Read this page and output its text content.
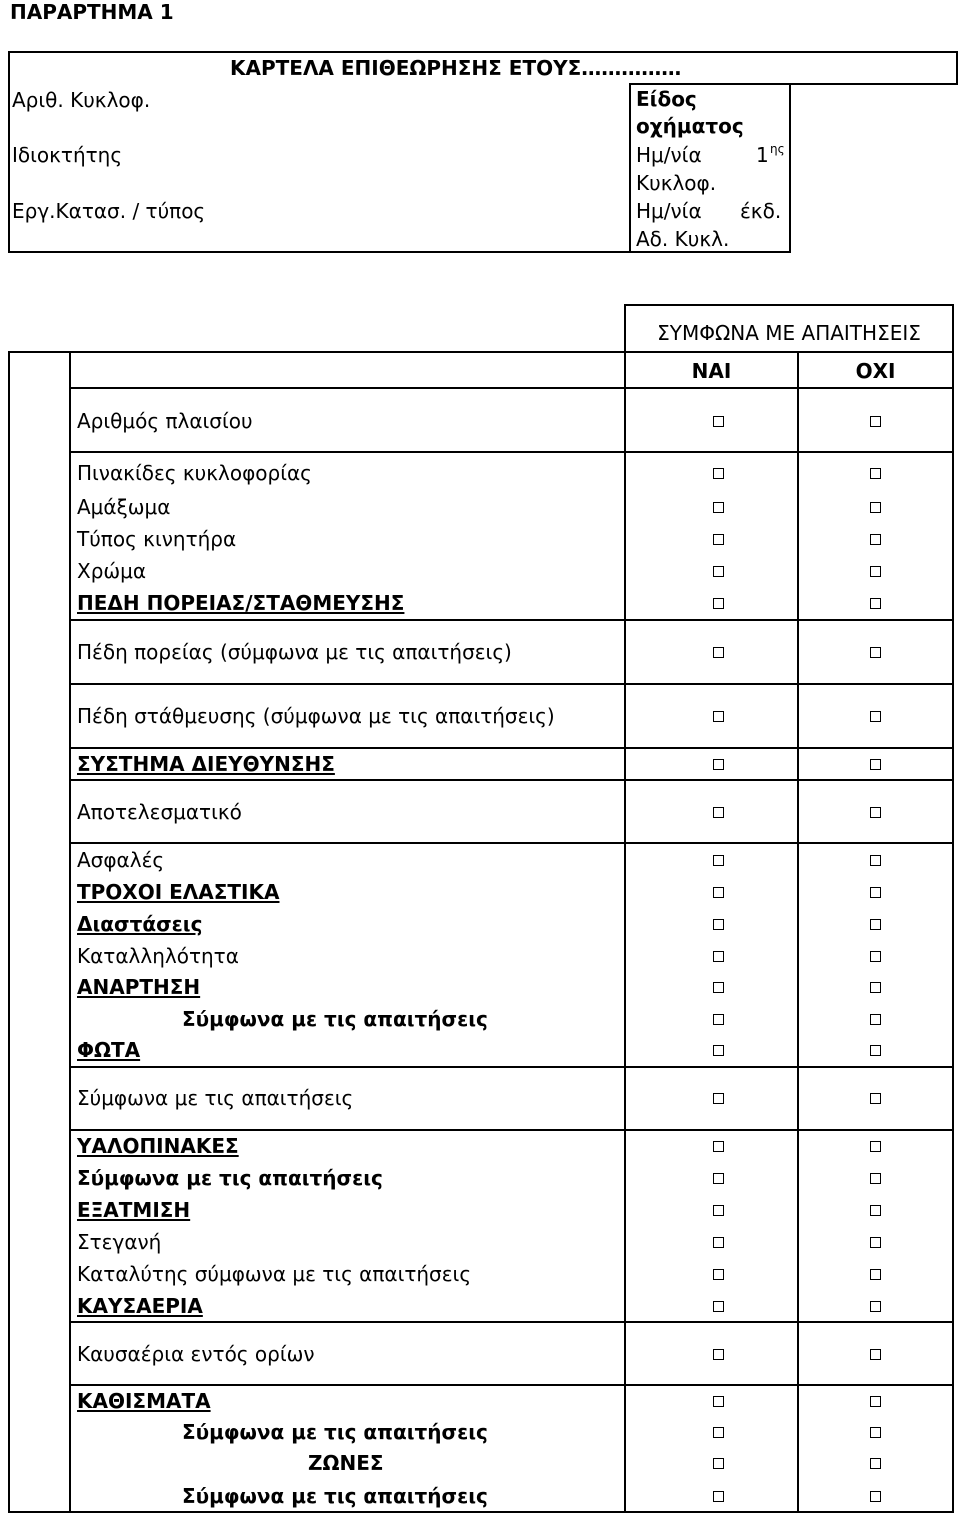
ΠΑΡΑΡΤΗΜΑ 1
ΚΑΡΤΕΛΑ ΕΠΙΘΕΩΡΗΣΗΣ ΕΤΟΥΣ……………
Αριθ. Κυκλοφ.
Ιδιοκτήτης
Εργ.Κατασ. / τύπος
Είδος οχήματος
Ημ/νία	1 ης
Κυκλοφ.
Ημ/νία έκδ.
Αδ. Κυκλ.
ΣΥΜΦΩΝΑ ΜΕ ΑΠΑΙΤΗΣΕΙΣ
ΝΑΙ	ΟΧΙ
Αριθμός πλαισίου
Πινακίδες κυκλοφορίας
Αμάξωμα
Τύπος κινητήρα
Χρώμα
ΠΕΔΗ ΠΟΡΕΙΑΣ/ΣΤΑΘΜΕΥΣΗΣ
Πέδη πορείας (σύμφωνα με τις απαιτήσεις)
Πέδη στάθμευσης (σύμφωνα με τις απαιτήσεις)
ΣΥΣΤΗΜΑ ΔΙΕΥΘΥΝΣΗΣ
Αποτελεσματικό
Ασφαλές
ΤΡΟΧΟΙ ΕΛΑΣΤΙΚΑ
Διαστάσεις
Καταλληλότητα
ΑΝΑΡΤΗΣΗ
Σύμφωνα με τις απαιτήσεις
ΦΩΤΑ
Σύμφωνα με τις απαιτήσεις
ΥΑΛΟΠΙΝΑΚΕΣ
Σύμφωνα με τις απαιτήσεις
ΕΞΑΤΜΙΣΗ
Στεγανή
Καταλύτης σύμφωνα με τις απαιτήσεις
ΚΑΥΣΑΕΡΙΑ
Καυσαέρια εντός ορίων
ΚΑΘΙΣΜΑΤΑ
Σύμφωνα με τις απαιτήσεις
ΖΩΝΕΣ
Σύμφωνα με τις απαιτήσεις
